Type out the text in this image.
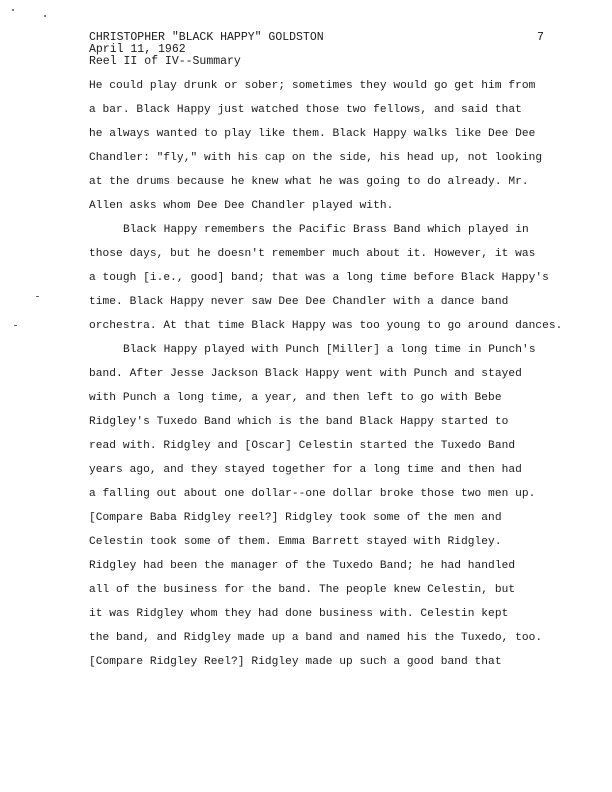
CHRISTOPHER "BLACK HAPPY" GOLDSTON	7
April 11, 1962
Reel II of IV--Summary
He could play drunk or sober; sometimes they would go get him from
a bar. Black Happy just watched those two fellows, and said that
he always wanted to play like them. Black Happy walks like Dee Dee
Chandler: "fly," with his cap on the side, his head up, not looking
at the drums because he knew what he was going to do already. Mr.
Allen asks whom Dee Dee Chandler played with.
Black Happy remembers the Pacific Brass Band which played in
those days, but he doesn't remember much about it. However, it was
a tough [i.e., good] band; that was a long time before Black Happy's
time. Black Happy never saw Dee Dee Chandler with a dance band
orchestra. At that time Black Happy was too young to go around dances.
Black Happy played with Punch [Miller] a long time in Punch's
band. After Jesse Jackson Black Happy went with Punch and stayed
with Punch a long time, a year, and then left to go with Bebe
Ridgley's Tuxedo Band which is the band Black Happy started to
read with. Ridgley and [Oscar] Celestin started the Tuxedo Band
years ago, and they stayed together for a long time and then had
a falling out about one dollar--one dollar broke those two men up.
[Compare Baba Ridgley reel?] Ridgley took some of the men and
Celestin took some of them. Emma Barrett stayed with Ridgley.
Ridgley had been the manager of the Tuxedo Band; he had handled
all of the business for the band. The people knew Celestin, but
it was Ridgley whom they had done business with. Celestin kept
the band, and Ridgley made up a band and named his the Tuxedo, too.
[Compare Ridgley Reel?] Ridgley made up such a good band that
